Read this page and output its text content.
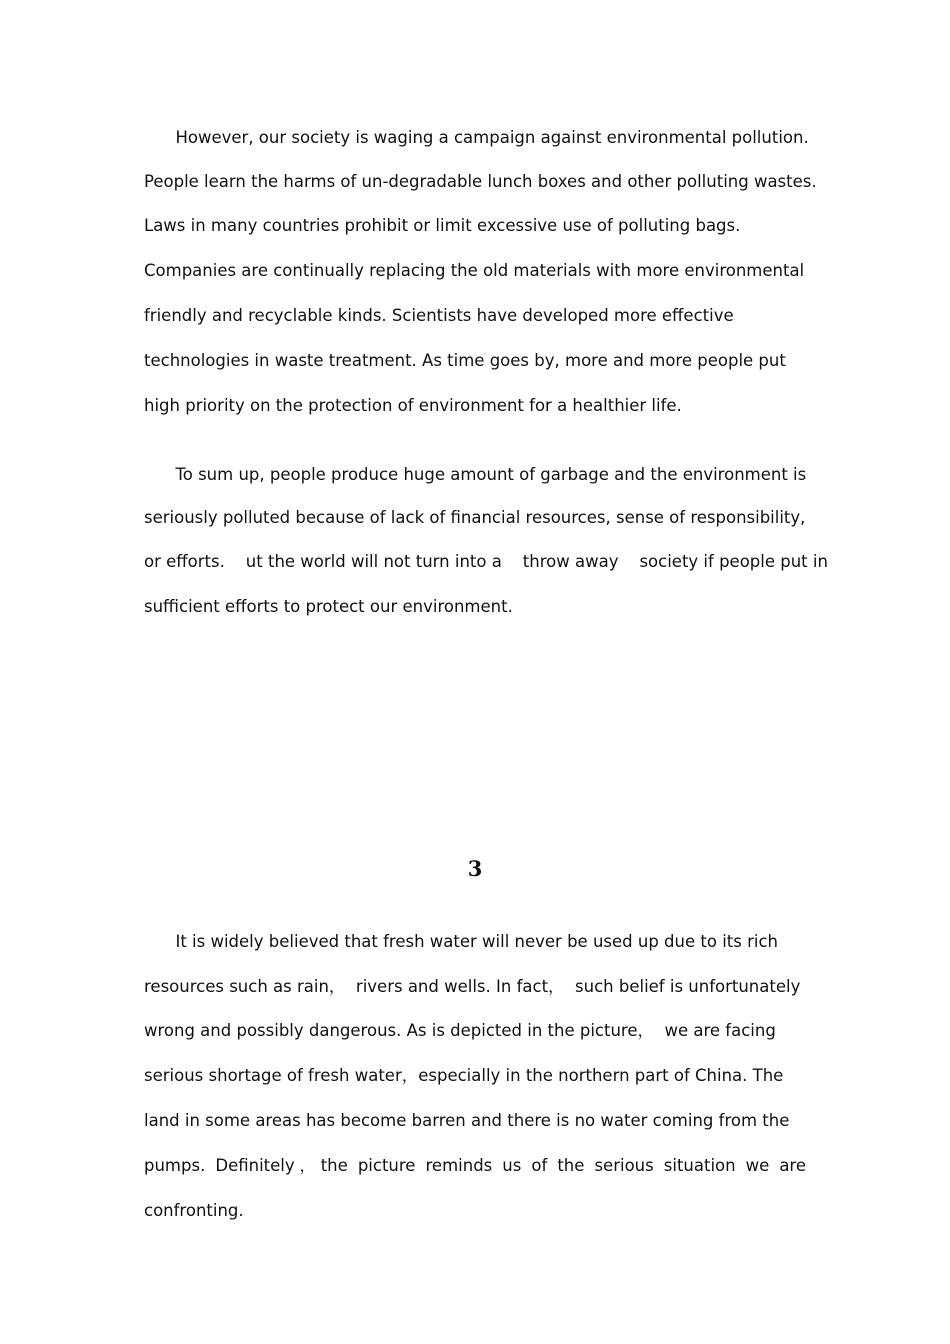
However, our society is waging a campaign against environmental pollution.
People learn the harms of un-degradable lunch boxes and other polluting wastes.
Laws in many countries prohibit or limit excessive use of polluting bags.
Companies are continually replacing the old materials with more environmental
friendly and recyclable kinds. Scientists have developed more effective
technologies in waste treatment. As time goes by, more and more people put
high priority on the protection of environment for a healthier life.
To sum up, people produce huge amount of garbage and the environment is
seriously polluted because of lack of financial resources, sense of responsibility,
or efforts.    ut the world will not turn into a    throw away    society if people put in
sufficient efforts to protect our environment.
3
It is widely believed that fresh water will never be used up due to its rich
resources such as rain，  rivers and wells. In fact，  such belief is unfortunately
wrong and possibly dangerous. As is depicted in the picture，  we are facing
serious shortage of fresh water，especially in the northern part of China. The
land in some areas has become barren and there is no water coming from the
pumps. Definitely，the picture reminds us of the serious situation we are
confronting.
